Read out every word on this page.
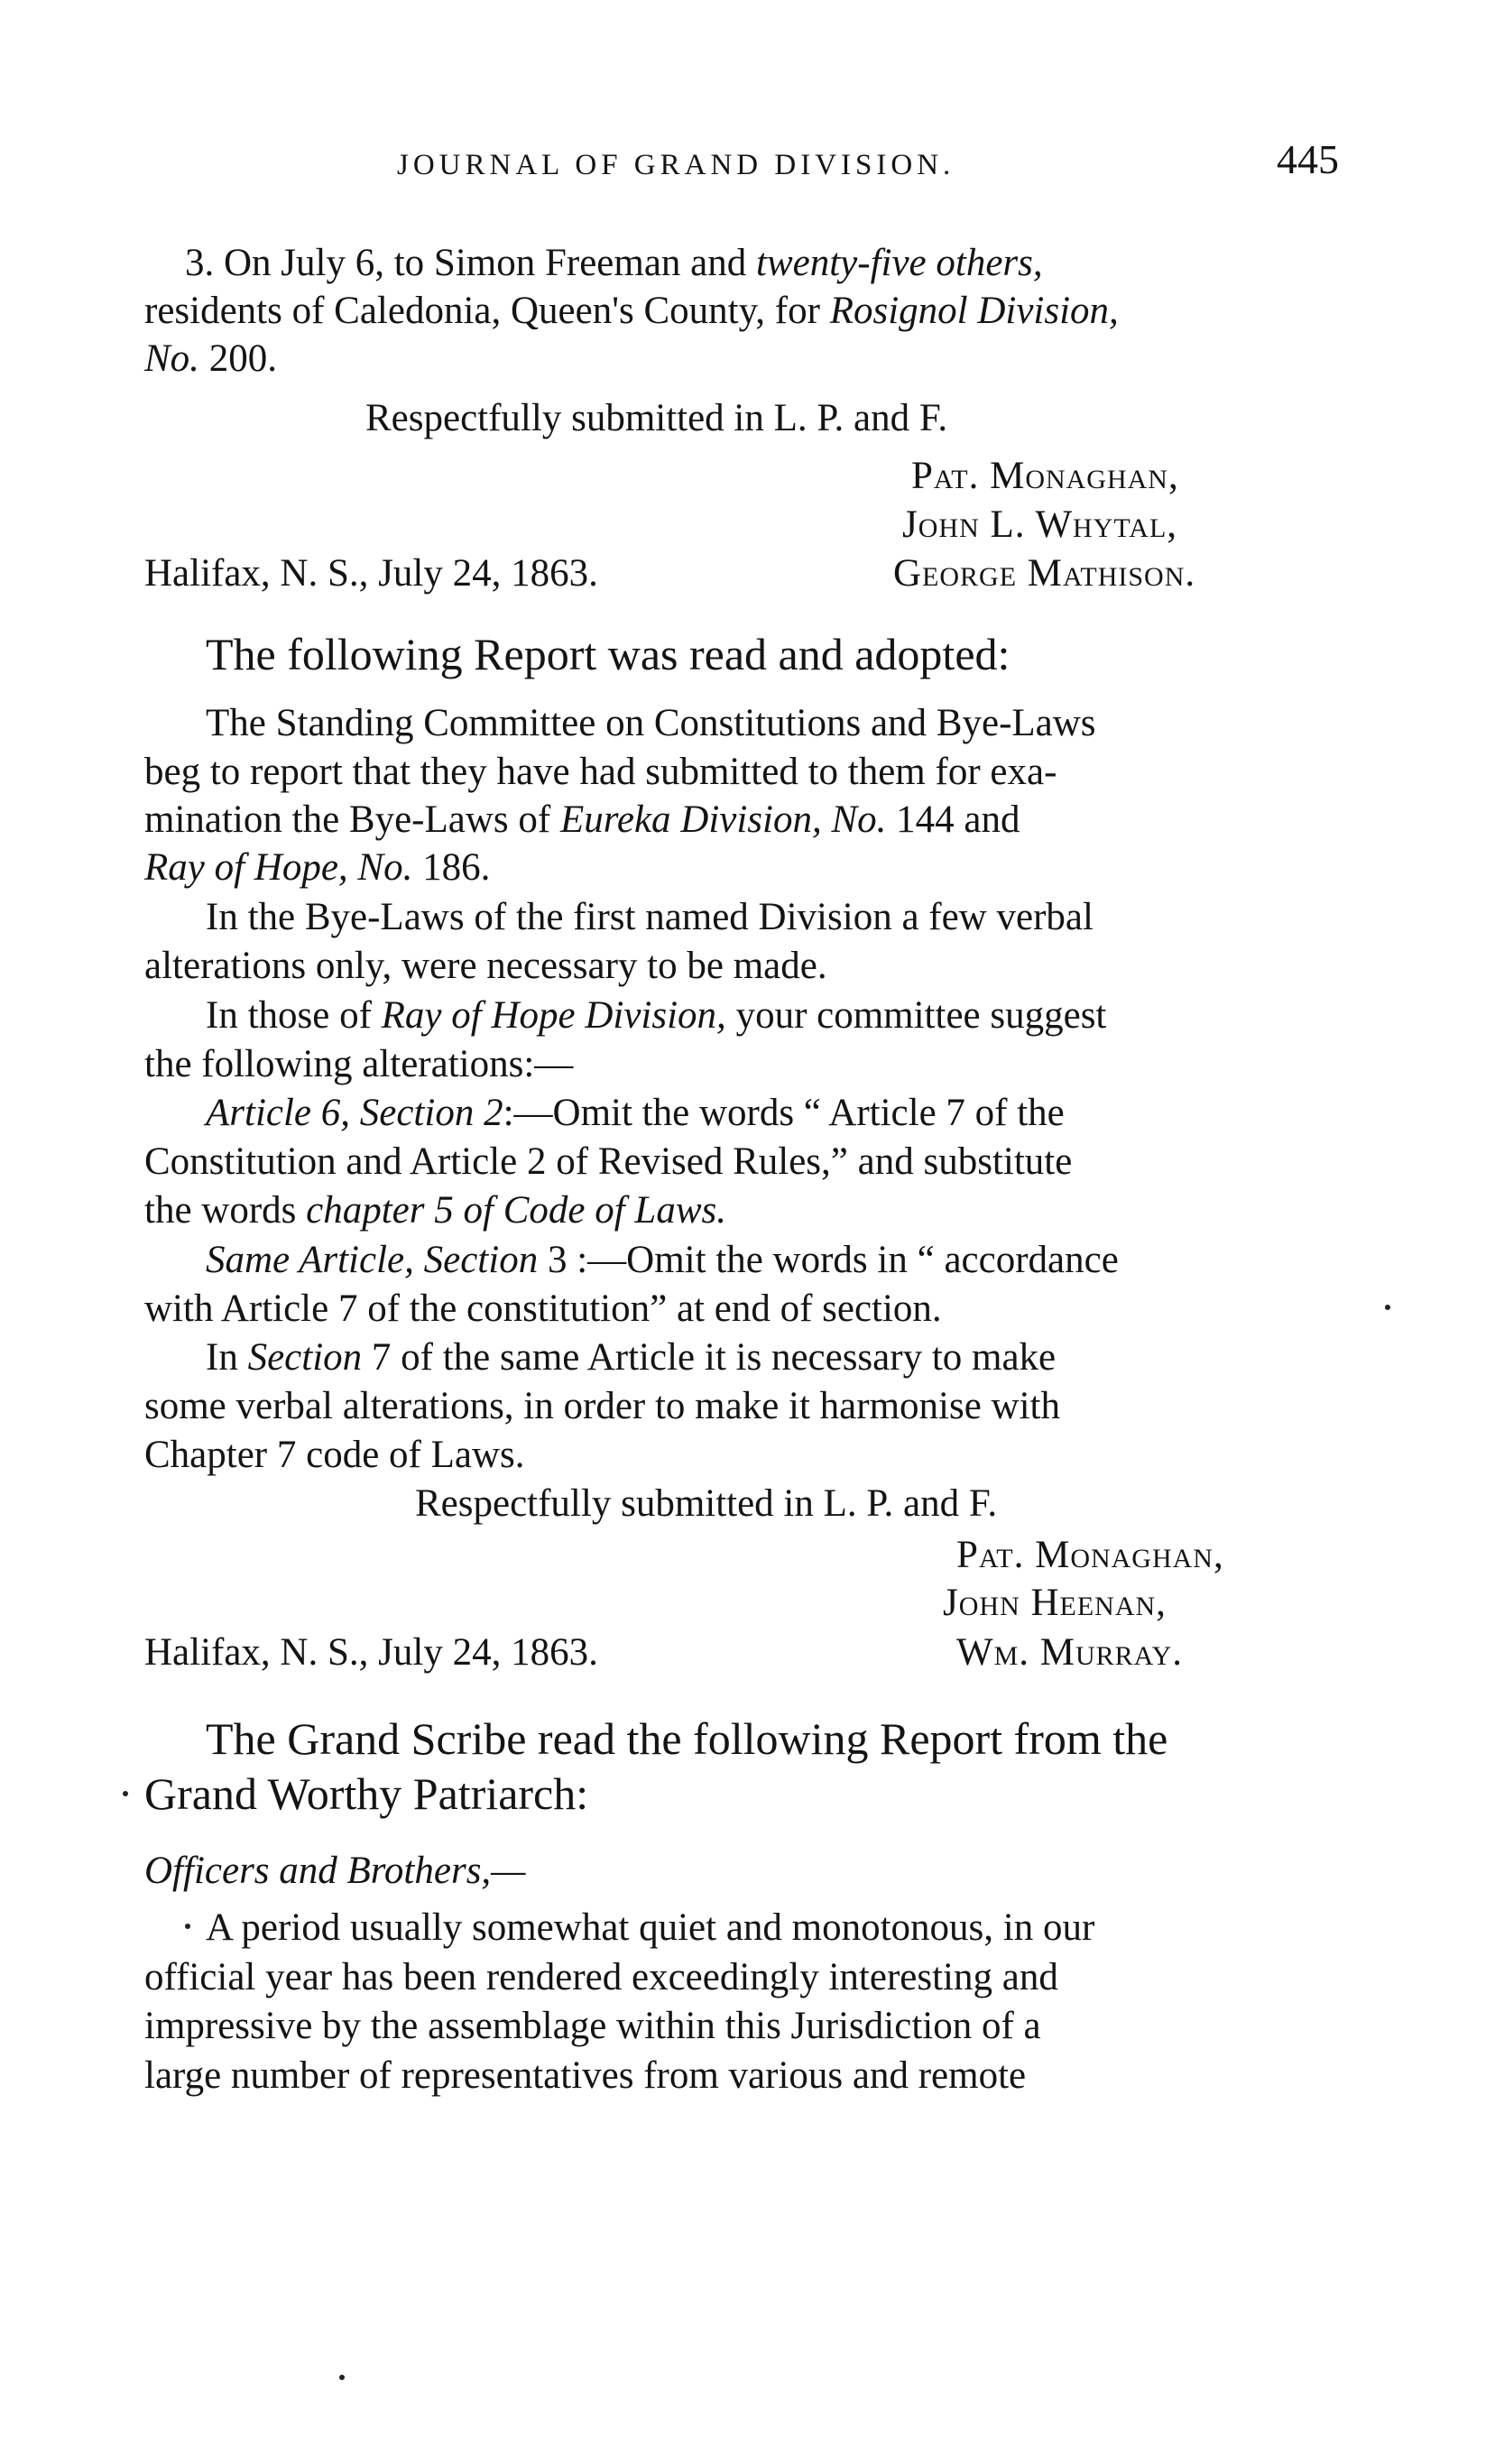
JOURNAL OF GRAND DIVISION.	445
3. On July 6, to Simon Freeman and twenty-five others,
residents of Caledonia, Queen's County, for Rosignol Division,
No. 200.
Respectfully submitted in L. P. and F.
Pat. Monaghan,
John L. Whytal,
Halifax, N. S., July 24, 1863.	George Mathison.
The following Report was read and adopted:
The Standing Committee on Constitutions and Bye-Laws
beg to report that they have had submitted to them for exa-
mination the Bye-Laws of Eureka Division, No. 144 and
Ray of Hope, No. 186.
In the Bye-Laws of the first named Division a few verbal
alterations only, were necessary to be made.
In those of Ray of Hope Division, your committee suggest
the following alterations:—
Article 6, Section 2:—Omit the words “ Article 7 of the
Constitution and Article 2 of Revised Rules,” and substitute
the words chapter 5 of Code of Laws.
Same Article, Section 3 :—Omit the words in “ accordance
with Article 7 of the constitution” at end of section.
In Section 7 of the same Article it is necessary to make
some verbal alterations, in order to make it harmonise with
Chapter 7 code of Laws.
Respectfully submitted in L. P. and F.
Pat. Monaghan,
John Heenan,
Halifax, N. S., July 24, 1863.	Wm. Murray.
The Grand Scribe read the following Report from the
Grand Worthy Patriarch:
Officers and Brothers,—
A period usually somewhat quiet and monotonous, in our
official year has been rendered exceedingly interesting and
impressive by the assemblage within this Jurisdiction of a
large number of representatives from various and remote
